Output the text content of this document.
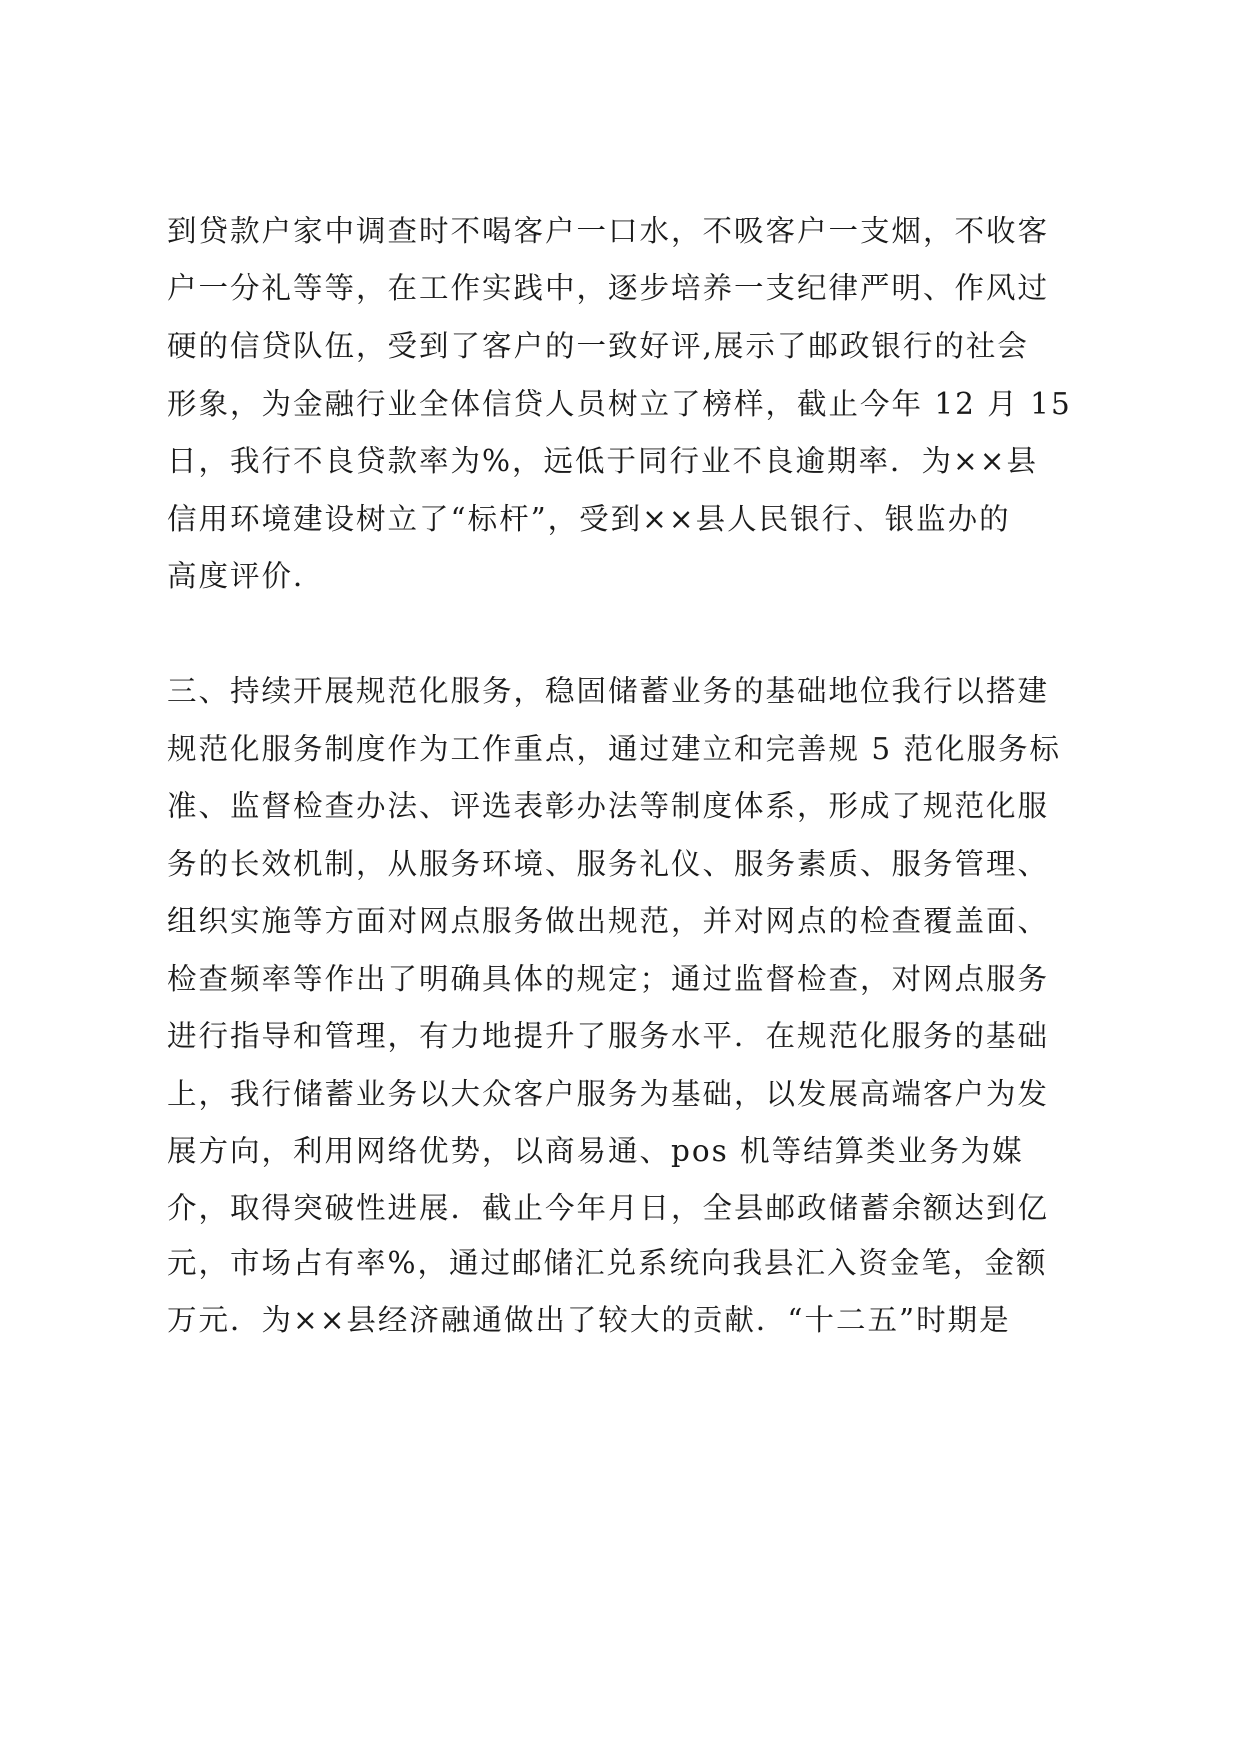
到贷款户家中调查时不喝客户一口水，不吸客户一支烟，不收客
户一分礼等等，在工作实践中，逐步培养一支纪律严明、作风过
硬的信贷队伍，受到了客户的一致好评,展示了邮政银行的社会
形象，为金融行业全体信贷人员树立了榜样，截止今年 12 月 15
日，我行不良贷款率为%，远低于同行业不良逾期率．为××县
信用环境建设树立了“标杆”，受到××县人民银行、银监办的
高度评价．
三、持续开展规范化服务，稳固储蓄业务的基础地位我行以搭建
规范化服务制度作为工作重点，通过建立和完善规 5 范化服务标
准、监督检查办法、评选表彰办法等制度体系，形成了规范化服
务的长效机制，从服务环境、服务礼仪、服务素质、服务管理、
组织实施等方面对网点服务做出规范，并对网点的检查覆盖面、
检查频率等作出了明确具体的规定；通过监督检查，对网点服务
进行指导和管理，有力地提升了服务水平．在规范化服务的基础
上，我行储蓄业务以大众客户服务为基础，以发展高端客户为发
展方向，利用网络优势，以商易通、pos 机等结算类业务为媒
介，取得突破性进展．截止今年月日，全县邮政储蓄余额达到亿
元，市场占有率%，通过邮储汇兑系统向我县汇入资金笔，金额
万元．为××县经济融通做出了较大的贡献．“十二五”时期是
